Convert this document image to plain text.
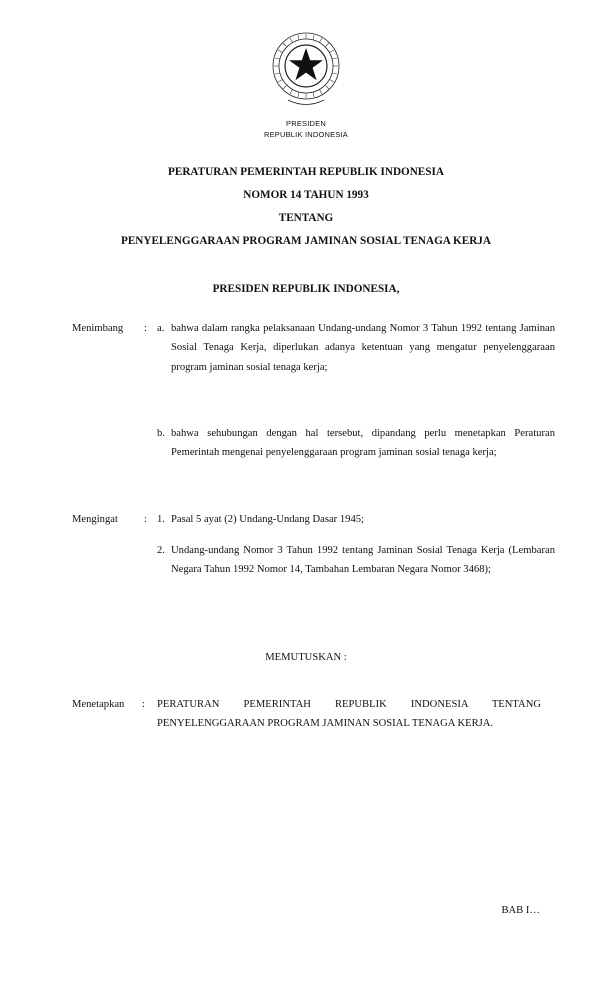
PRESIDEN
REPUBLIK INDONESIA
PERATURAN PEMERINTAH REPUBLIK INDONESIA
NOMOR 14 TAHUN 1993
TENTANG
PENYELENGGARAAN PROGRAM JAMINAN SOSIAL TENAGA KERJA
PRESIDEN REPUBLIK INDONESIA,
Menimbang : a. bahwa dalam rangka pelaksanaan Undang-undang Nomor 3 Tahun 1992 tentang Jaminan Sosial Tenaga Kerja, diperlukan adanya ketentuan yang mengatur penyelenggaraan program jaminan sosial tenaga kerja;

b. bahwa sehubungan dengan hal tersebut, dipandang perlu menetapkan Peraturan Pemerintah mengenai penyelenggaraan program jaminan sosial tenaga kerja;

Mengingat : 1. Pasal 5 ayat (2) Undang-Undang Dasar 1945;

2. Undang-undang Nomor 3 Tahun 1992 tentang Jaminan Sosial Tenaga Kerja (Lembaran Negara Tahun 1992 Nomor 14, Tambahan Lembaran Negara Nomor 3468);

MEMUTUSKAN :
Menetapkan : PERATURAN PEMERINTAH REPUBLIK INDONESIA TENTANG PENYELENGGARAAN PROGRAM JAMINAN SOSIAL TENAGA KERJA.

BAB I…
